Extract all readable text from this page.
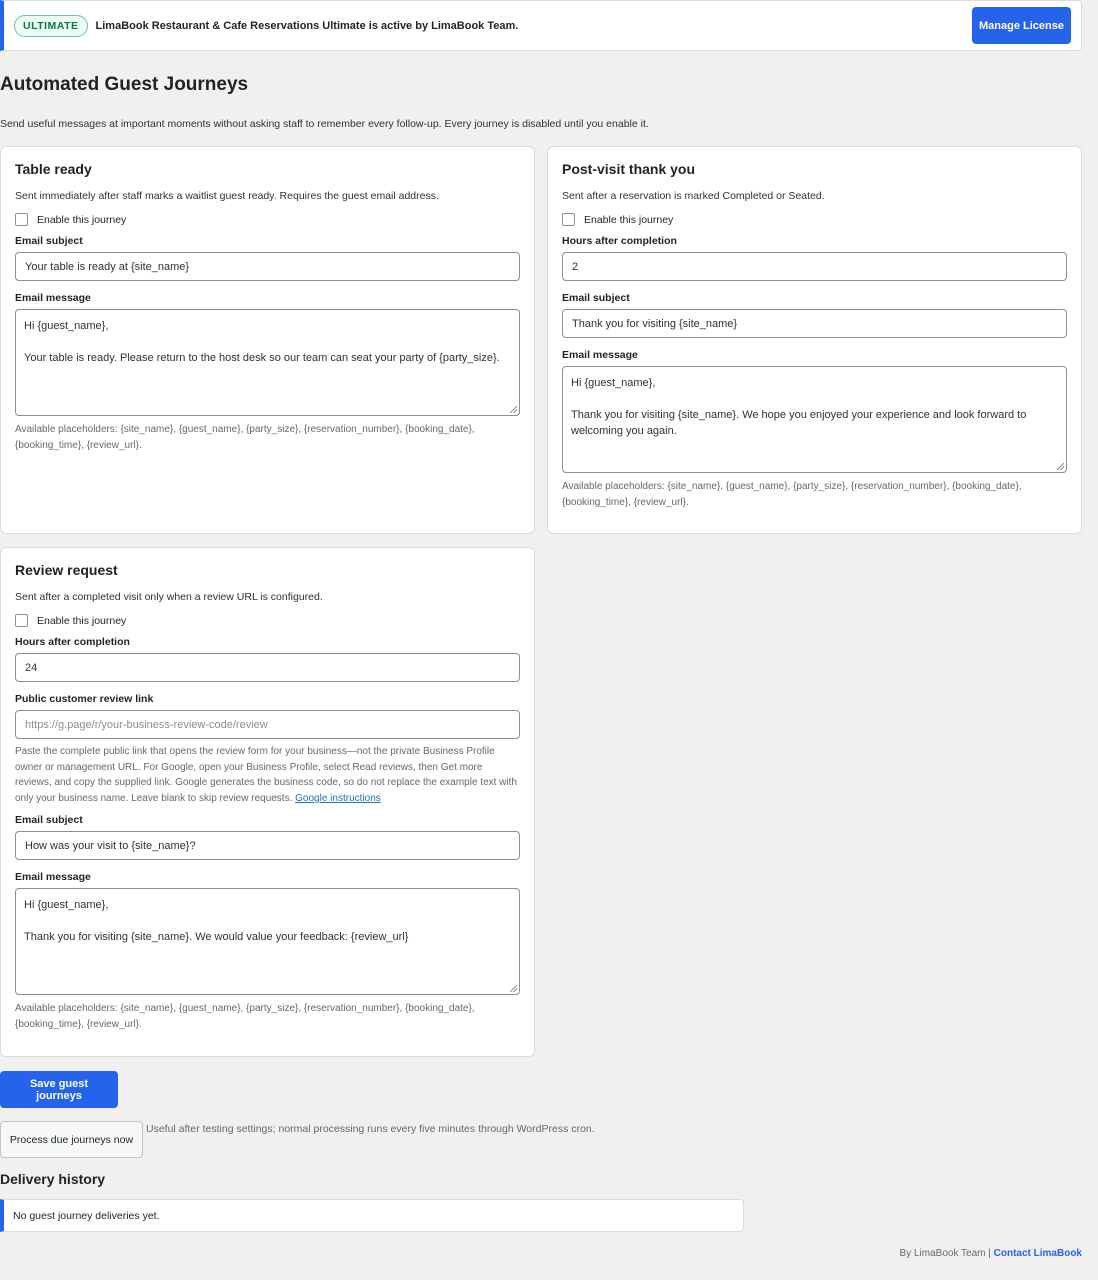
ULTIMATE	LimaBook Restaurant & Cafe Reservations Ultimate is active by LimaBook Team.	Manage License
Automated Guest Journeys
Send useful messages at important moments without asking staff to remember every follow-up. Every journey is disabled until you enable it.
Table ready
Sent immediately after staff marks a waitlist guest ready. Requires the guest email address.
Enable this journey
Email subject
Your table is ready at {site_name}
Email message
Hi {guest_name},

Your table is ready. Please return to the host desk so our team can seat your party of {party_size}.
Available placeholders: {site_name}, {guest_name}, {party_size}, {reservation_number}, {booking_date}, {booking_time}, {review_url}.
Post-visit thank you
Sent after a reservation is marked Completed or Seated.
Enable this journey
Hours after completion
2
Email subject
Thank you for visiting {site_name}
Email message
Hi {guest_name},

Thank you for visiting {site_name}. We hope you enjoyed your experience and look forward to welcoming you again.
Available placeholders: {site_name}, {guest_name}, {party_size}, {reservation_number}, {booking_date}, {booking_time}, {review_url}.
Review request
Sent after a completed visit only when a review URL is configured.
Enable this journey
Hours after completion
24
Public customer review link
https://g.page/r/your-business-review-code/review
Paste the complete public link that opens the review form for your business—not the private Business Profile owner or management URL. For Google, open your Business Profile, select Read reviews, then Get more reviews, and copy the supplied link. Google generates the business code, so do not replace the example text with only your business name. Leave blank to skip review requests. Google instructions
Email subject
How was your visit to {site_name}?
Email message
Hi {guest_name},

Thank you for visiting {site_name}. We would value your feedback: {review_url}
Available placeholders: {site_name}, {guest_name}, {party_size}, {reservation_number}, {booking_date}, {booking_time}, {review_url}.
Save guest journeys
Process due journeys now
Useful after testing settings; normal processing runs every five minutes through WordPress cron.
Delivery history
No guest journey deliveries yet.
By LimaBook Team | Contact LimaBook
